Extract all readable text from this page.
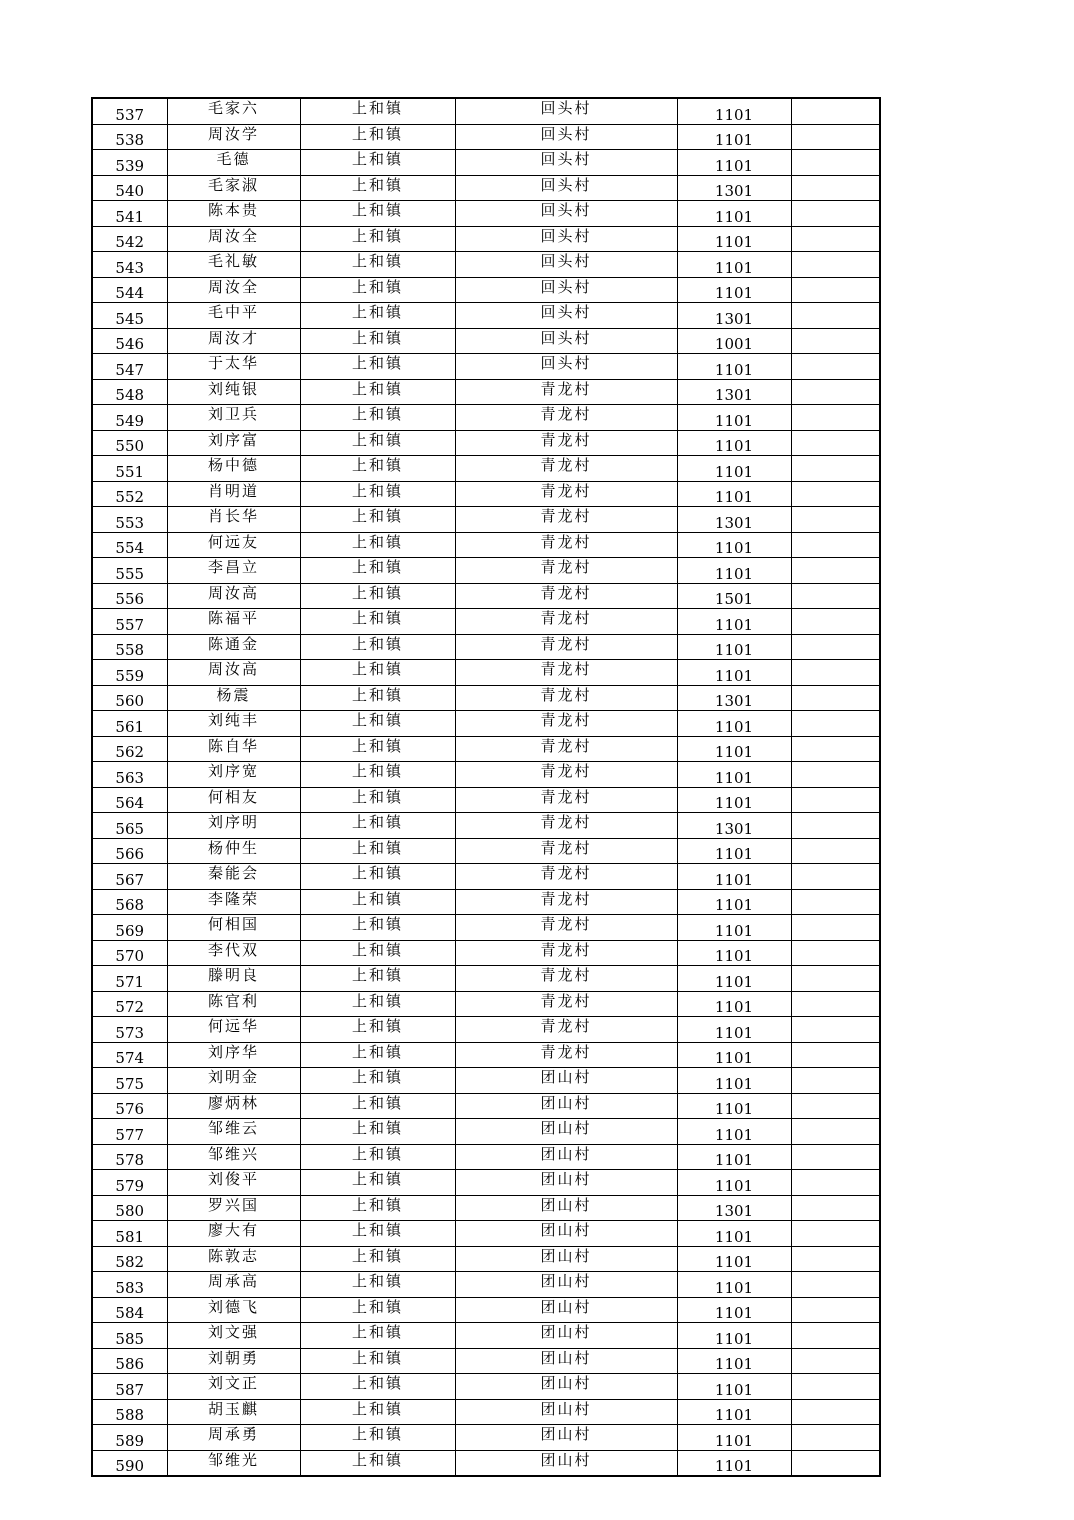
537	毛家六	上和镇	回头村	1101	
538	周汝学	上和镇	回头村	1101	
539	毛德	上和镇	回头村	1101	
540	毛家淑	上和镇	回头村	1301	
541	陈本贵	上和镇	回头村	1101	
542	周汝全	上和镇	回头村	1101	
543	毛礼敏	上和镇	回头村	1101	
544	周汝全	上和镇	回头村	1101	
545	毛中平	上和镇	回头村	1301	
546	周汝才	上和镇	回头村	1001	
547	于太华	上和镇	回头村	1101	
548	刘纯银	上和镇	青龙村	1301	
549	刘卫兵	上和镇	青龙村	1101	
550	刘序富	上和镇	青龙村	1101	
551	杨中德	上和镇	青龙村	1101	
552	肖明道	上和镇	青龙村	1101	
553	肖长华	上和镇	青龙村	1301	
554	何远友	上和镇	青龙村	1101	
555	李昌立	上和镇	青龙村	1101	
556	周汝高	上和镇	青龙村	1501	
557	陈福平	上和镇	青龙村	1101	
558	陈通金	上和镇	青龙村	1101	
559	周汝高	上和镇	青龙村	1101	
560	杨震	上和镇	青龙村	1301	
561	刘纯丰	上和镇	青龙村	1101	
562	陈自华	上和镇	青龙村	1101	
563	刘序宽	上和镇	青龙村	1101	
564	何相友	上和镇	青龙村	1101	
565	刘序明	上和镇	青龙村	1301	
566	杨仲生	上和镇	青龙村	1101	
567	秦能会	上和镇	青龙村	1101	
568	李隆荣	上和镇	青龙村	1101	
569	何相国	上和镇	青龙村	1101	
570	李代双	上和镇	青龙村	1101	
571	滕明良	上和镇	青龙村	1101	
572	陈官利	上和镇	青龙村	1101	
573	何远华	上和镇	青龙村	1101	
574	刘序华	上和镇	青龙村	1101	
575	刘明金	上和镇	团山村	1101	
576	廖炳林	上和镇	团山村	1101	
577	邹维云	上和镇	团山村	1101	
578	邹维兴	上和镇	团山村	1101	
579	刘俊平	上和镇	团山村	1101	
580	罗兴国	上和镇	团山村	1301	
581	廖大有	上和镇	团山村	1101	
582	陈敦志	上和镇	团山村	1101	
583	周承高	上和镇	团山村	1101	
584	刘德飞	上和镇	团山村	1101	
585	刘文强	上和镇	团山村	1101	
586	刘朝勇	上和镇	团山村	1101	
587	刘文正	上和镇	团山村	1101	
588	胡玉麒	上和镇	团山村	1101	
589	周承勇	上和镇	团山村	1101	
590	邹维光	上和镇	团山村	1101	
